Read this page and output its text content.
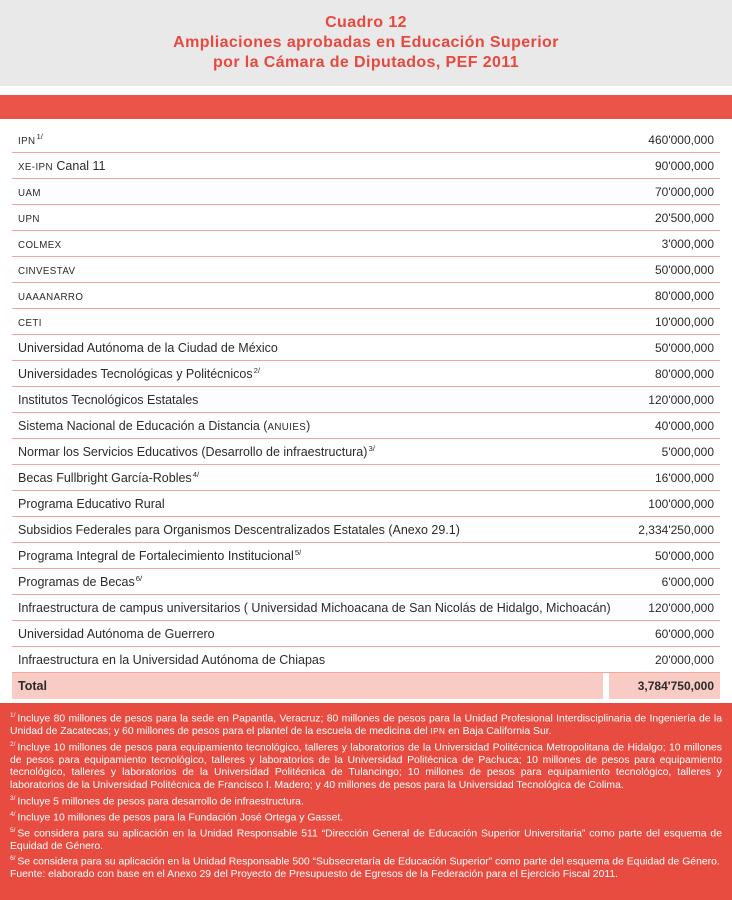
Cuadro 12
Ampliaciones aprobadas en Educación Superior
por la Cámara de Diputados, PEF 2011
$IPN^{1/}$	460'000,000
XE-IPN Canal 11	90'000,000
UAM	70'000,000
UPN	20'500,000
COLMEX	3'000,000
CINVESTAV	50'000,000
UAAANARRO	80'000,000
CETI	10'000,000
Universidad Autónoma de la Ciudad de México	50'000,000
Universidades Tecnológicas y Politécnicos$^{2/}$	80'000,000
Institutos Tecnológicos Estatales	120'000,000
Sistema Nacional de Educación a Distancia (ANUIES)	40'000,000
Normar los Servicios Educativos (Desarrollo de infraestructura)$^{3/}$	5'000,000
Becas Fullbright García-Robles$^{4/}$	16'000,000
Programa Educativo Rural	100'000,000
Subsidios Federales para Organismos Descentralizados Estatales (Anexo 29.1)	2,334'250,000
Programa Integral de Fortalecimiento Institucional$^{5/}$	50'000,000
Programas de Becas$^{6/}$	6'000,000
Infraestructura de campus universitarios ( Universidad Michoacana de San Nicolás de Hidalgo, Michoacán)	120'000,000
Universidad Autónoma de Guerrero	60'000,000
Infraestructura en la Universidad Autónoma de Chiapas	20'000,000
Total	3,784'750,000

$^{1/}$ Incluye 80 millones de pesos para la sede en Papantla, Veracruz; 80 millones de pesos para la Unidad Profesional Interdisciplinaria de Ingeniería de la Unidad de Zacatecas; y 60 millones de pesos para el plantel de la escuela de medicina del IPN en Baja California Sur.

$^{2/}$ Incluye 10 millones de pesos para equipamiento tecnológico, talleres y laboratorios de la Universidad Politécnica Metropolitana de Hidalgo; 10 millones de pesos para equipamiento tecnológico, talleres y laboratorios de la Universidad Politécnica de Pachuca; 10 millones de pesos para equipamiento tecnológico, talleres y laboratorios de la Universidad Politécnica de Tulancingo; 10 millones de pesos para equipamiento tecnológico, talleres y laboratorios de la Universidad Politécnica de Francisco I. Madero; y 40 millones de pesos para la Universidad Tecnológica de Colima.

$^{3/}$ Incluye 5 millones de pesos para desarrollo de infraestructura.

$^{4/}$ Incluye 10 millones de pesos para la Fundación José Ortega y Gasset.

$^{5/}$ Se considera para su aplicación en la Unidad Responsable 511 “Dirección General de Educación Superior Universitaria” como parte del esquema de Equidad de Género.

$^{6/}$ Se considera para su aplicación en la Unidad Responsable 500 “Subsecretaría de Educación Superior” como parte del esquema de Equidad de Género.

Fuente: elaborado con base en el Anexo 29 del Proyecto de Presupuesto de Egresos de la Federación para el Ejercicio Fiscal 2011.
